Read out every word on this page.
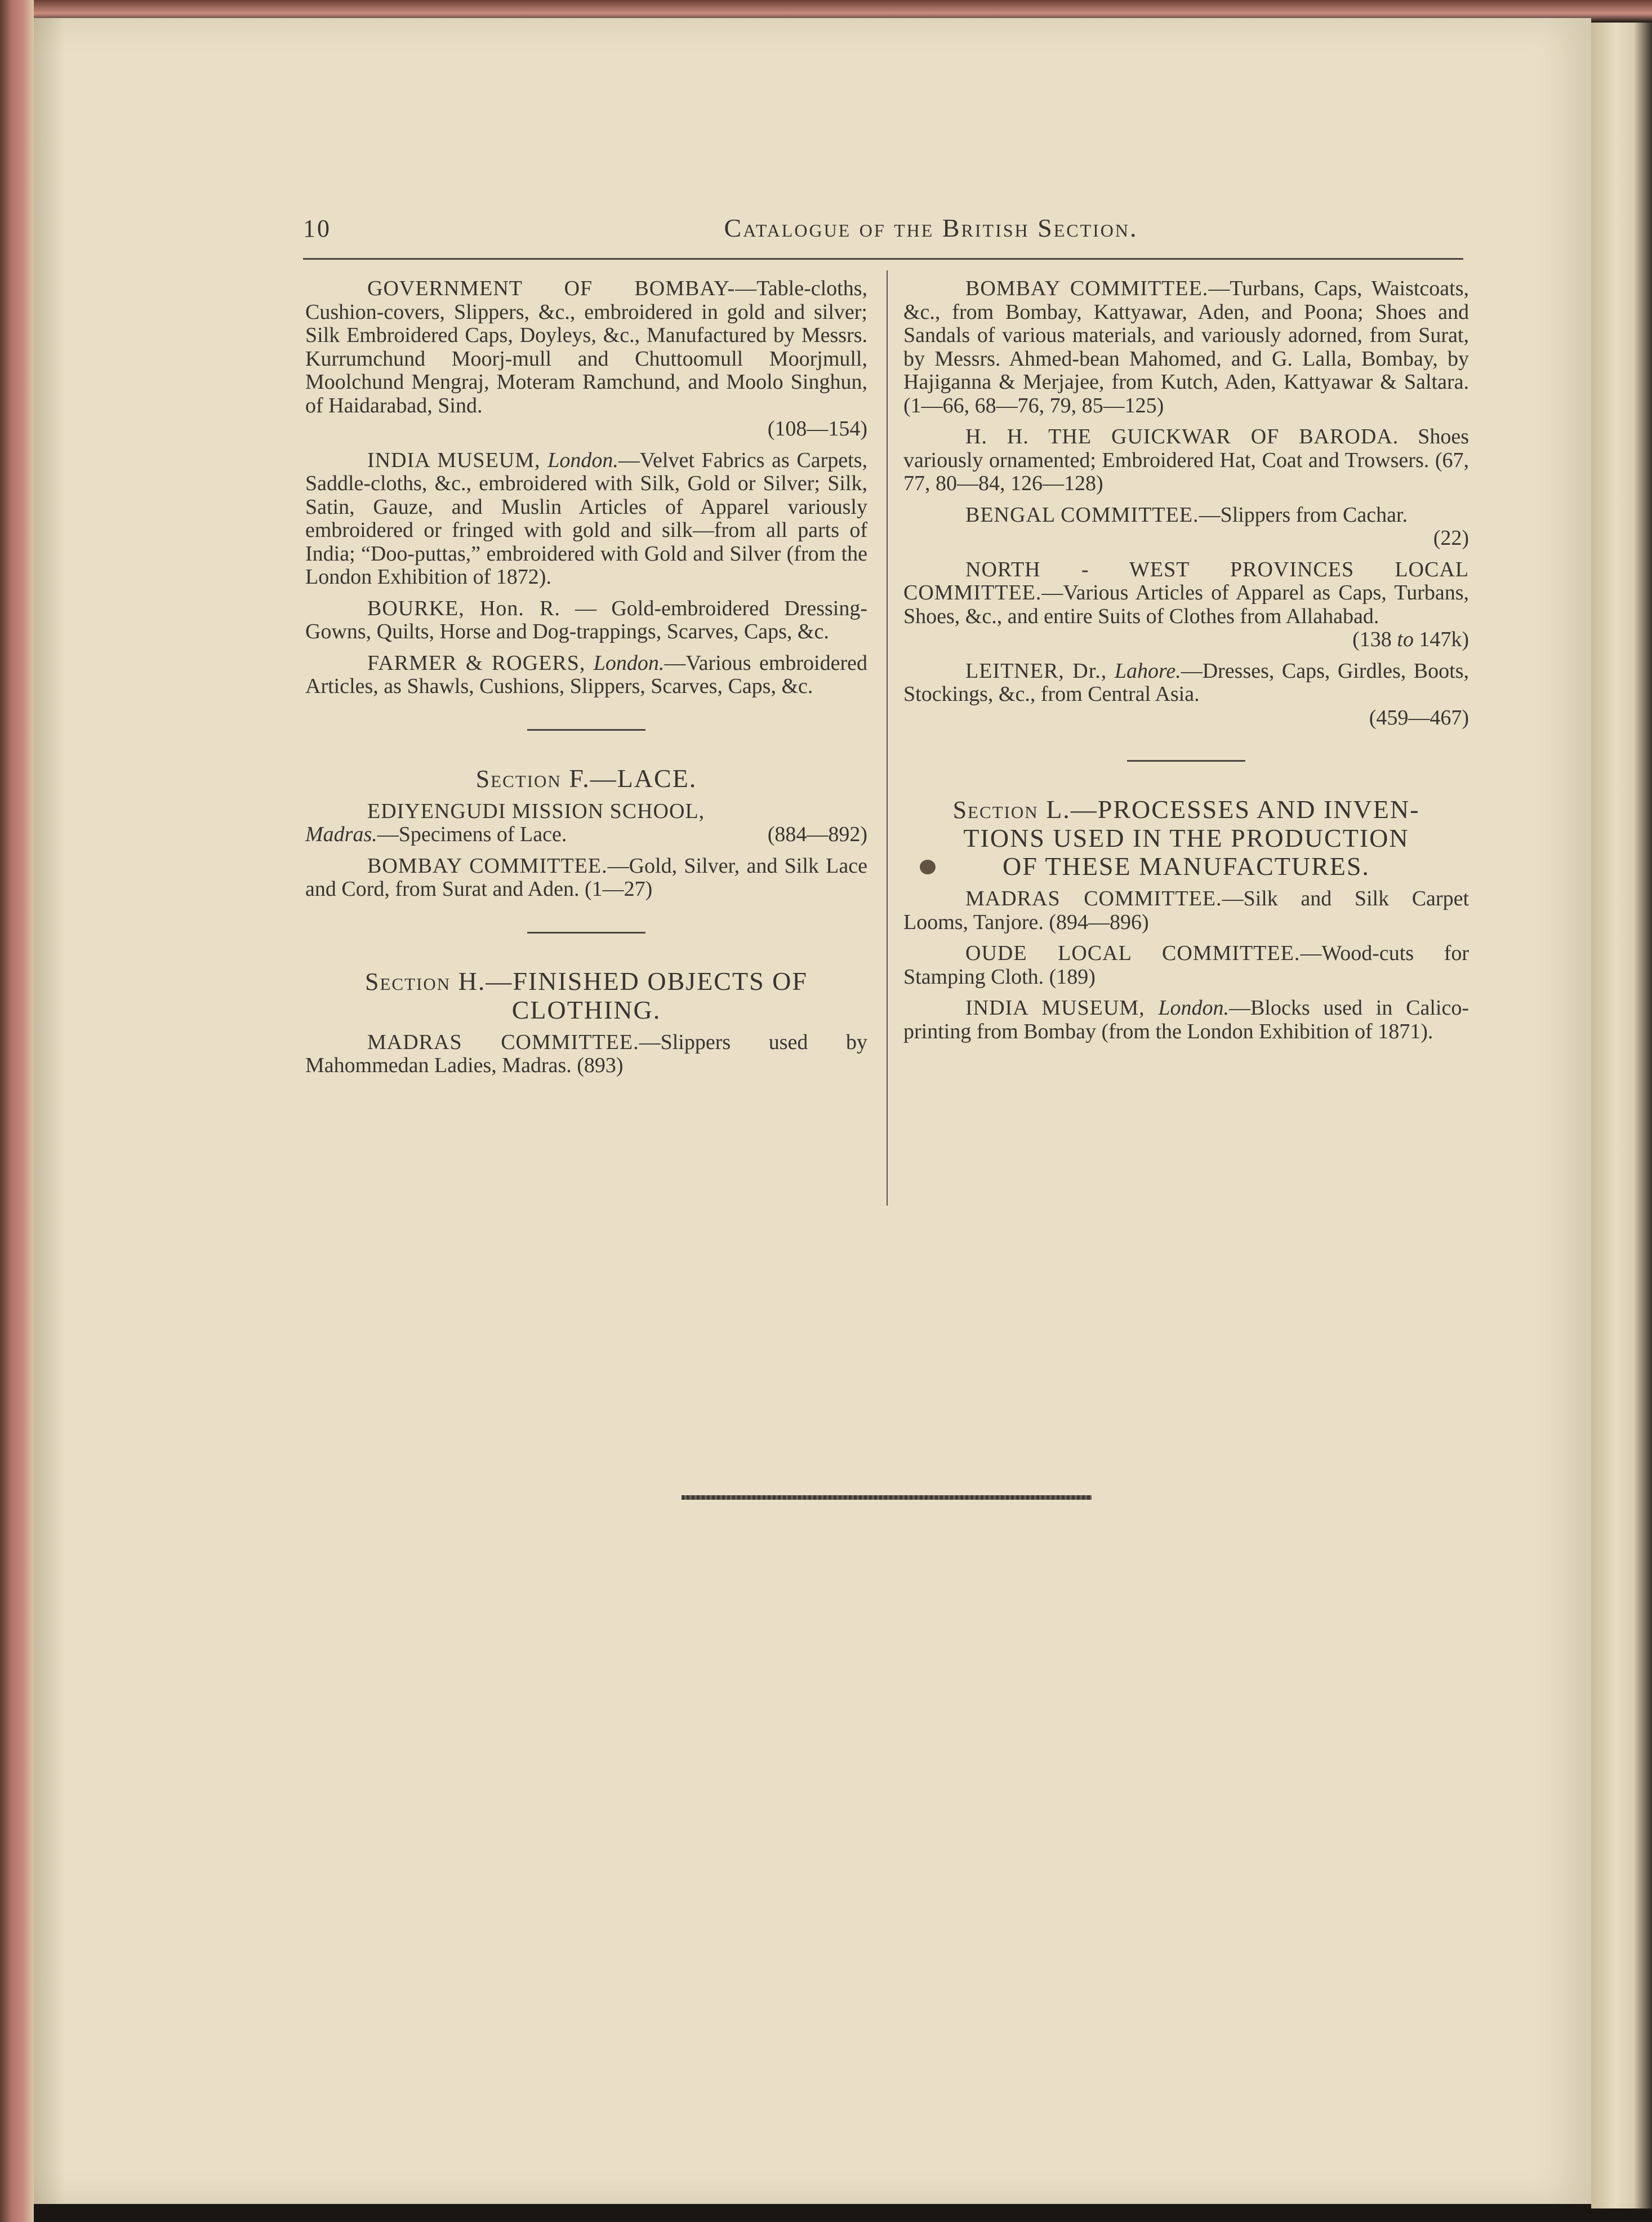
10	Catalogue of the British Section.

GOVERNMENT OF BOMBAY-—Table-cloths, Cushion-covers, Slippers, &c., embroidered in gold and silver; Silk Embroidered Caps, Doyleys, &c., Manufactured by Messrs. Kurrumchund Moorj-mull and Chuttoomull Moorjmull, Moolchund Mengraj, Moteram Ramchund, and Moolo Singhun, of Haidarabad, Sind.

(108—154)

INDIA MUSEUM, London.—Velvet Fabrics as Carpets, Saddle-cloths, &c., embroidered with Silk, Gold or Silver; Silk, Satin, Gauze, and Muslin Articles of Apparel variously embroidered or fringed with gold and silk—from all parts of India; “Doo-puttas,” embroidered with Gold and Silver (from the London Exhibition of 1872).

BOURKE, Hon. R. — Gold-embroidered Dressing-Gowns, Quilts, Horse and Dog-trappings, Scarves, Caps, &c.

FARMER & ROGERS, London.—Various embroidered Articles, as Shawls, Cushions, Slippers, Scarves, Caps, &c.

Section F.—LACE.

EDIYENGUDI MISSION SCHOOL,

Madras.—Specimens of Lace.	(884—892)

BOMBAY COMMITTEE.—Gold, Silver, and Silk Lace and Cord, from Surat and Aden. (1—27)

Section H.—FINISHED OBJECTS OF
CLOTHING.

MADRAS COMMITTEE.—Slippers used by Mahommedan Ladies, Madras. (893)

BOMBAY COMMITTEE.—Turbans, Caps, Waistcoats, &c., from Bombay, Kattyawar, Aden, and Poona; Shoes and Sandals of various materials, and variously adorned, from Surat, by Messrs. Ahmed-bean Mahomed, and G. Lalla, Bombay, by Hajiganna & Merjajee, from Kutch, Aden, Kattyawar & Saltara. (1—66, 68—76, 79, 85—125)

H. H. THE GUICKWAR OF BARODA. Shoes variously ornamented; Embroidered Hat, Coat and Trowsers. (67, 77, 80—84, 126—128)

BENGAL COMMITTEE.—Slippers from Cachar.

(22)

NORTH - WEST PROVINCES LOCAL COMMITTEE.—Various Articles of Apparel as Caps, Turbans, Shoes, &c., and entire Suits of Clothes from Allahabad.

(138 to 147k)

LEITNER, Dr., Lahore.—Dresses, Caps, Girdles, Boots, Stockings, &c., from Central Asia.

(459—467)
Section L.—PROCESSES AND INVEN-
TIONS USED IN THE PRODUCTION
OF THESE MANUFACTURES.

MADRAS COMMITTEE.—Silk and Silk Carpet Looms, Tanjore. (894—896)

OUDE LOCAL COMMITTEE.—Wood-cuts for Stamping Cloth. (189)

INDIA MUSEUM, London.—Blocks used in Calico-printing from Bombay (from the London Exhibition of 1871).
